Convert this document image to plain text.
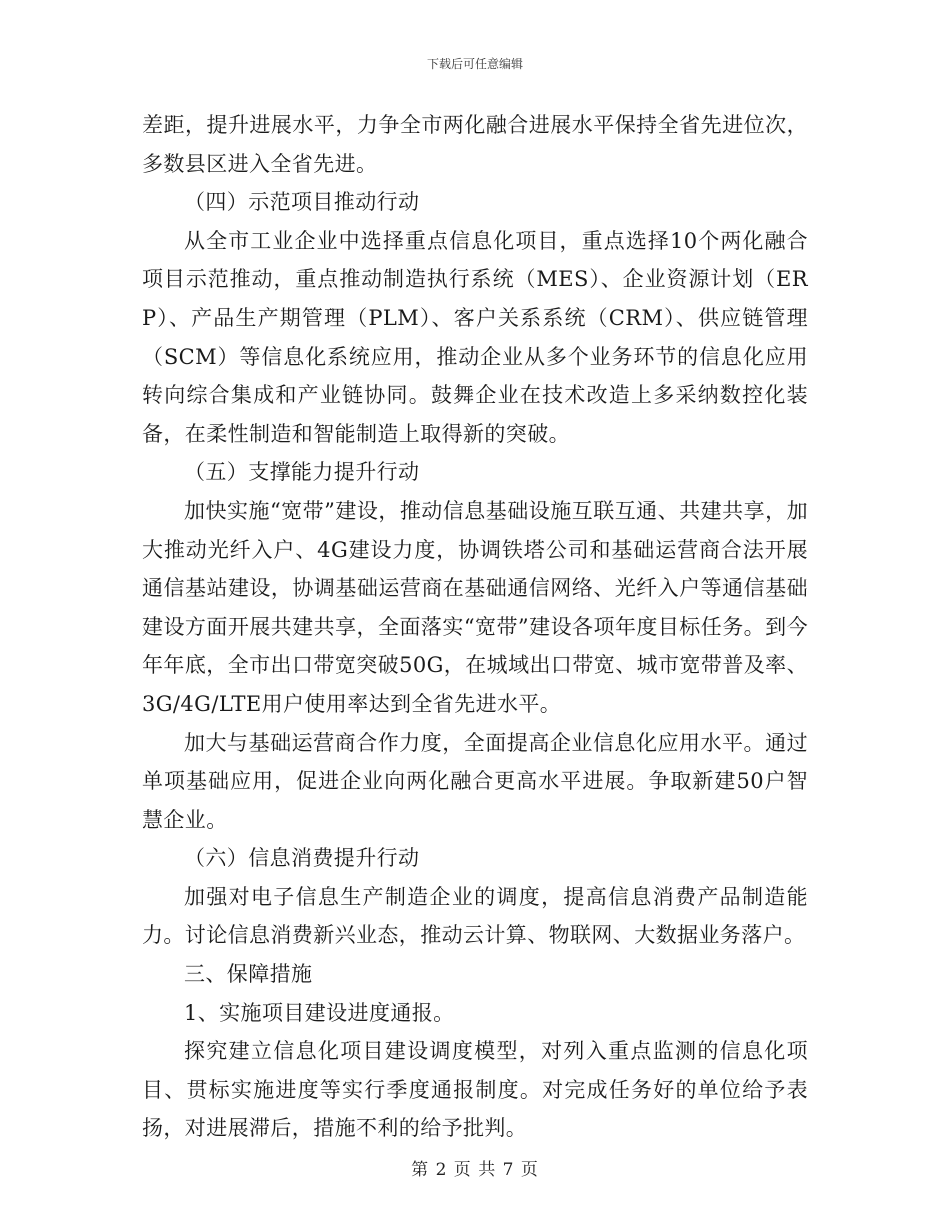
下载后可任意编辑

差距，提升进展水平，力争全市两化融合进展水平保持全省先进位次，多数县区进入全省先进。

（四）示范项目推动行动

从全市工业企业中选择重点信息化项目，重点选择10个两化融合项目示范推动，重点推动制造执行系统（MES）、企业资源计划（ERP）、产品生产期管理（PLM）、客户关系系统（CRM）、供应链管理（SCM）等信息化系统应用，推动企业从多个业务环节的信息化应用转向综合集成和产业链协同。鼓舞企业在技术改造上多采纳数控化装备，在柔性制造和智能制造上取得新的突破。

（五）支撑能力提升行动

加快实施“宽带”建设，推动信息基础设施互联互通、共建共享，加大推动光纤入户、4G建设力度，协调铁塔公司和基础运营商合法开展通信基站建设，协调基础运营商在基础通信网络、光纤入户等通信基础建设方面开展共建共享，全面落实“宽带”建设各项年度目标任务。到今年年底，全市出口带宽突破50G，在城域出口带宽、城市宽带普及率、3G/4G/LTE用户使用率达到全省先进水平。

加大与基础运营商合作力度，全面提高企业信息化应用水平。通过单项基础应用，促进企业向两化融合更高水平进展。争取新建50户智慧企业。

（六）信息消费提升行动

加强对电子信息生产制造企业的调度，提高信息消费产品制造能力。讨论信息消费新兴业态，推动云计算、物联网、大数据业务落户。

三、保障措施

1、实施项目建设进度通报。

探究建立信息化项目建设调度模型，对列入重点监测的信息化项目、贯标实施进度等实行季度通报制度。对完成任务好的单位给予表扬，对进展滞后，措施不利的给予批判。

第 2 页 共 7 页
